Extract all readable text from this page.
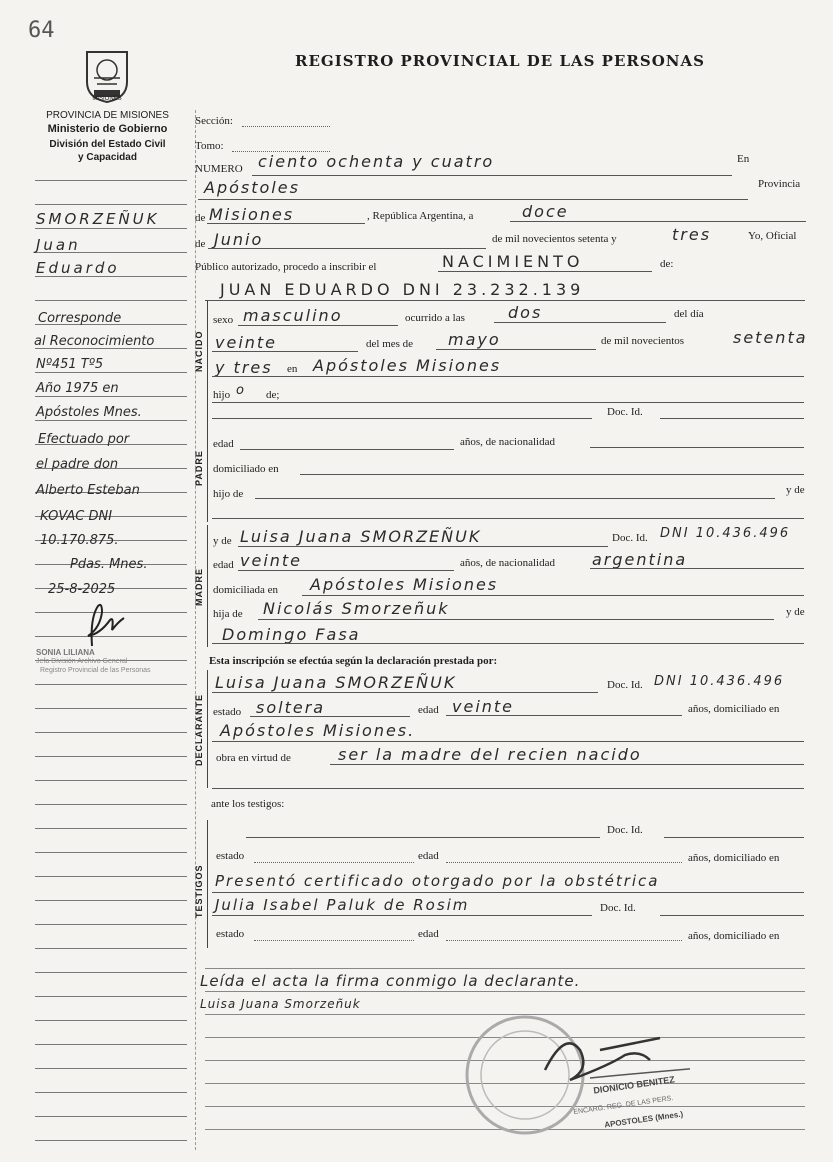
64
REGISTRO PROVINCIAL DE LAS PERSONAS
MISIONES
PROVINCIA DE MISIONES
Ministerio de Gobierno
División del Estado Civil
y Capacidad
SMORZEÑUK
Juan
Eduardo
Corresponde
al Reconocimiento
Nº451 Tº5
Año 1975 en
Apóstoles Mnes.
Efectuado por
el padre don
Alberto Esteban
KOVAC DNI
10.170.875.
Pdas. Mnes.
25-8-2025
SONIA LILIANA
Jefa División Archivo General
Registro Provincial de las Personas
Sección:
Tomo:
NUMERO ciento ochenta y cuatro	En
Apóstoles	Provincia
de Misiones	, República Argentina, a	doce
de Junio	de mil novecientos setenta y	tres	Yo, Oficial
Público autorizado, procedo a inscribir el	NACIMIENTO	de:
JUAN EDUARDO DNI 23.232.139
NACIDO
sexo masculino	ocurrido a las	dos	del día
veinte	del mes de mayo	de mil novecientos	setenta
y tres en Apóstoles Misiones
hijo o de;
Doc. Id.
PADRE
edad	años, de nacionalidad
domiciliado en
hijo de	y de
MADRE
y de Luisa Juana SMORZEÑUK	Doc. Id. DNI 10.436.496
edad veinte	años, de nacionalidad argentina
domiciliada en Apóstoles Misiones
hija de Nicolás Smorzeñuk	y de
Domingo Fasa
Esta inscripción se efectúa según la declaración prestada por:
DECLARANTE
Luisa Juana SMORZEÑUK	Doc. Id. DNI 10.436.496
estado soltera	edad veinte	años, domiciliado en
Apóstoles Misiones.
obra en virtud de	ser la madre del recien nacido
ante los testigos:
TESTIGOS
Doc. Id.
estado	edad	años, domiciliado en
Presentó certificado otorgado por la obstétrica
Julia Isabel Paluk de Rosim	Doc. Id.
estado	edad	años, domiciliado en
Leída el acta la firma conmigo la declarante.
Luisa Juana Smorzeñuk
DIONICIO BENITEZ
ENCARG. REG. DE LAS PERS.
APOSTOLES (Mnes.)
